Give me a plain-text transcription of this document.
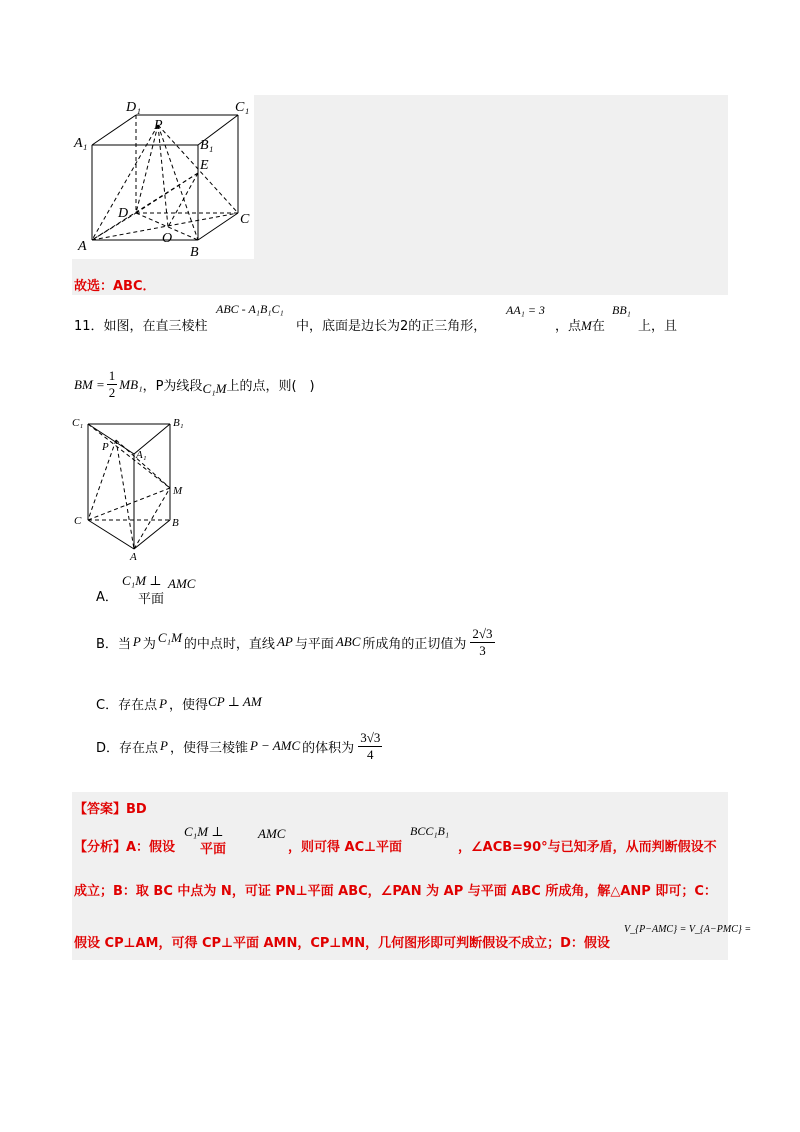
D₁	C₁
A₁
P
B₁
E
D	C
A
O
B
故选：ABC．
11．如图，在直三棱柱
ABC - A₁B₁C₁
中，底面是边长为2的正三角形，
AA₁ = 3
，点M在
BB₁
上，且
BM = $\frac{1}{2} MB_1$ ，P为线段 C₁M 上的点，则(　)
C₁	B₁
P
A₁
M
C	B
A
A．
C₁M ⊥
平面
AMC
B．当 P 为 C₁M 的中点时，直线 AP 与平面 ABC 所成角的正切值为 $\frac{2√3}{3}$
C．存在点 P ，使得 CP ⊥ AM
D．存在点 P ，使得三棱锥 P − AMC 的体积为 $\frac{3√3}{4}$
【答案】BD
【分析】A：假设
C₁M ⊥
平面
AMC
，则可得 AC⊥平面
BCC₁B₁
，∠ACB=90°与已知矛盾，从而判断假设不
成立；B：取 BC 中点为 N，可证 PN⊥平面 ABC，∠PAN 为 AP 与平面 ABC 所成角，解△ANP 即可；C：
假设 CP⊥AM，可得 CP⊥平面 AMN，CP⊥MN，几何图形即可判断假设不成立；D：假设
V_{P−AMC} = V_{A−PMC} =
